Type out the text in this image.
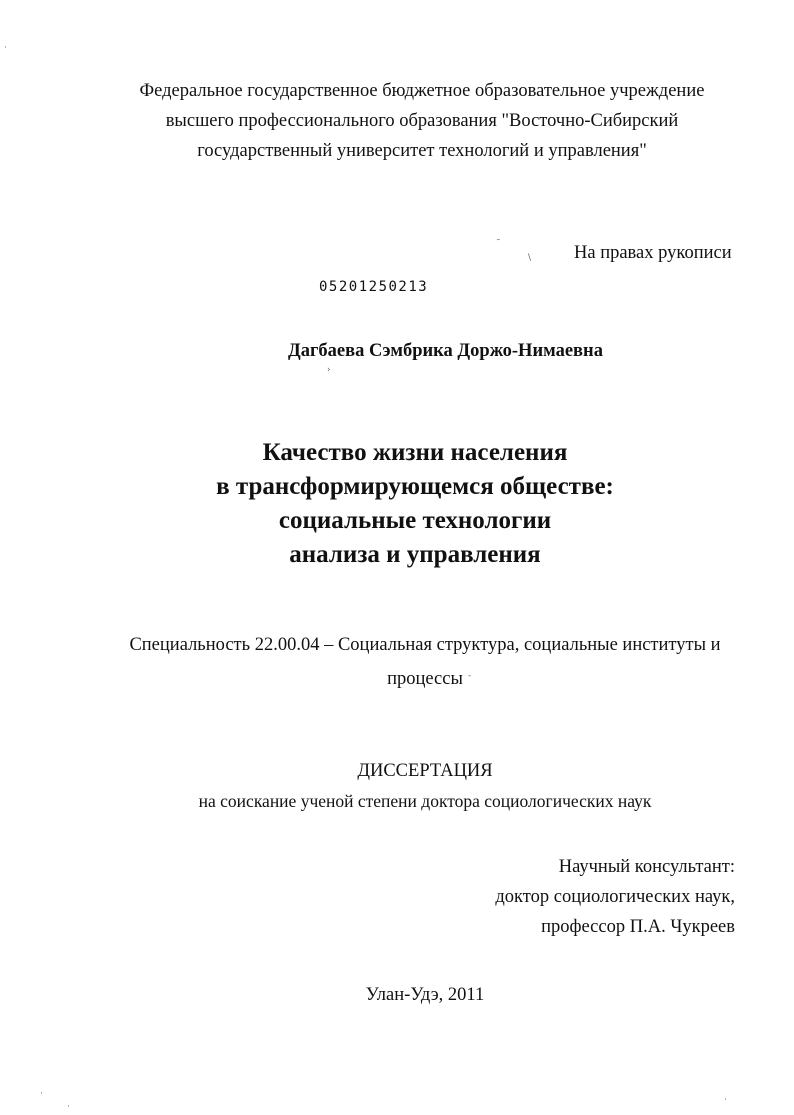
Федеральное государственное бюджетное образовательное учреждение
высшего профессионального образования "Восточно-Сибирский
государственный университет технологий и управления"
На правах рукописи
05201250213
Дагбаева Сэмбрика Доржо-Нимаевна
Качество жизни населения
в трансформирующемся обществе:
социальные технологии
анализа и управления
Специальность 22.00.04 – Социальная структура, социальные институты и
процессы
ДИССЕРТАЦИЯ
на соискание ученой степени доктора социологических наук
Научный консультант:
доктор социологических наук,
профессор П.А. Чукреев
Улан-Удэ, 2011
·
˜
\
›
-
·
·
·
